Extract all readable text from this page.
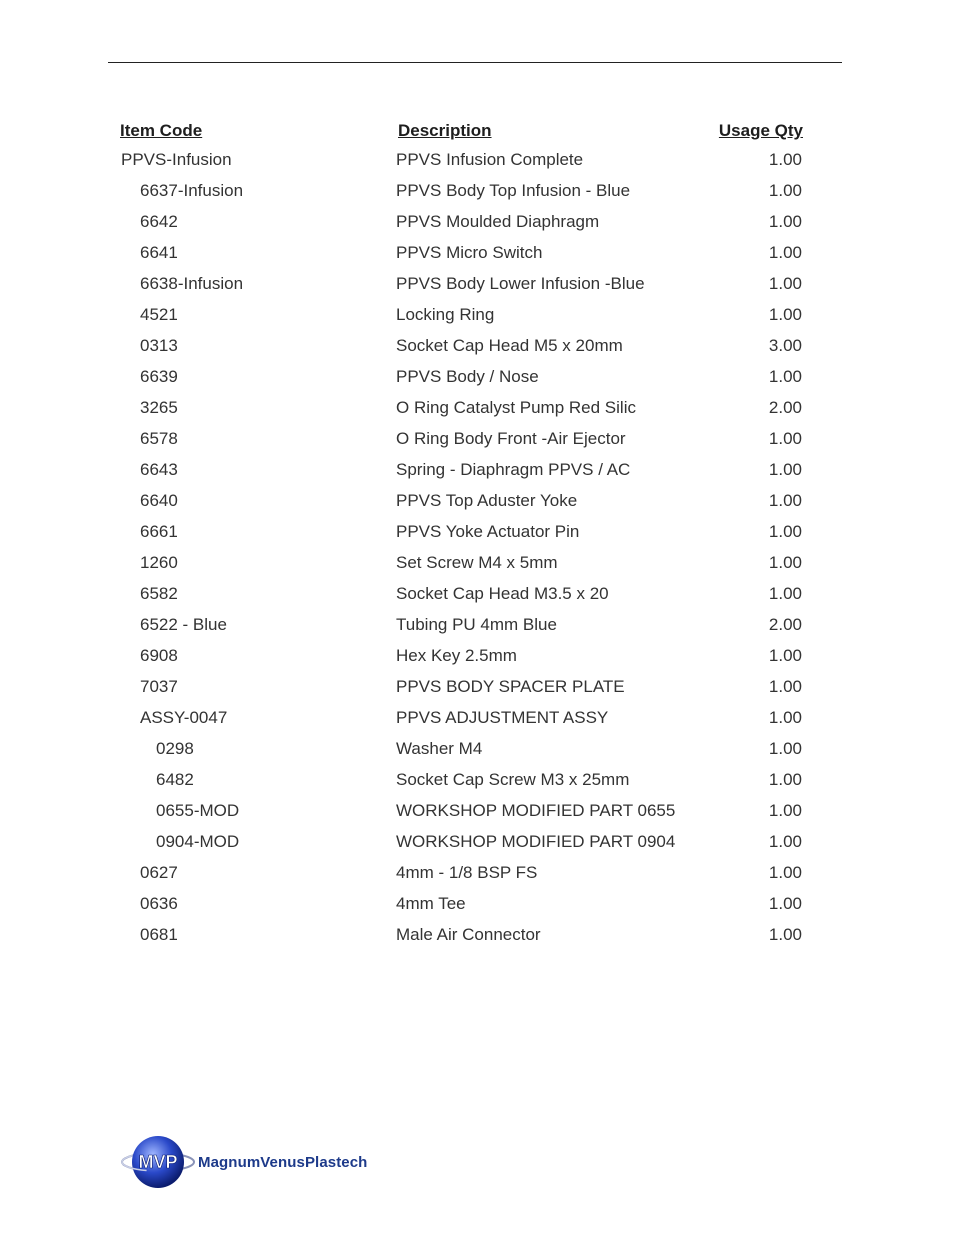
Item Code	Description	Usage Qty
PPVS-Infusion	PPVS Infusion Complete	1.00
6637-Infusion	PPVS Body Top Infusion - Blue	1.00
6642	PPVS Moulded Diaphragm	1.00
6641	PPVS Micro Switch	1.00
6638-Infusion	PPVS Body Lower Infusion -Blue	1.00
4521	Locking Ring	1.00
0313	Socket Cap Head M5 x 20mm	3.00
6639	PPVS Body / Nose	1.00
3265	O Ring Catalyst Pump Red Silic	2.00
6578	O Ring Body Front -Air Ejector	1.00
6643	Spring - Diaphragm PPVS / AC	1.00
6640	PPVS Top Aduster Yoke	1.00
6661	PPVS Yoke Actuator Pin	1.00
1260	Set Screw M4 x 5mm	1.00
6582	Socket Cap Head M3.5 x 20	1.00
6522 - Blue	Tubing PU 4mm Blue	2.00
6908	Hex Key 2.5mm	1.00
7037	PPVS BODY SPACER PLATE	1.00
ASSY-0047	PPVS ADJUSTMENT ASSY	1.00
0298	Washer M4	1.00
6482	Socket Cap Screw M3 x 25mm	1.00
0655-MOD	WORKSHOP MODIFIED PART 0655	1.00
0904-MOD	WORKSHOP MODIFIED PART 0904	1.00
0627	4mm - 1/8 BSP FS	1.00
0636	4mm Tee	1.00
0681	Male Air Connector	1.00
MVP MagnumVenusPlastech
